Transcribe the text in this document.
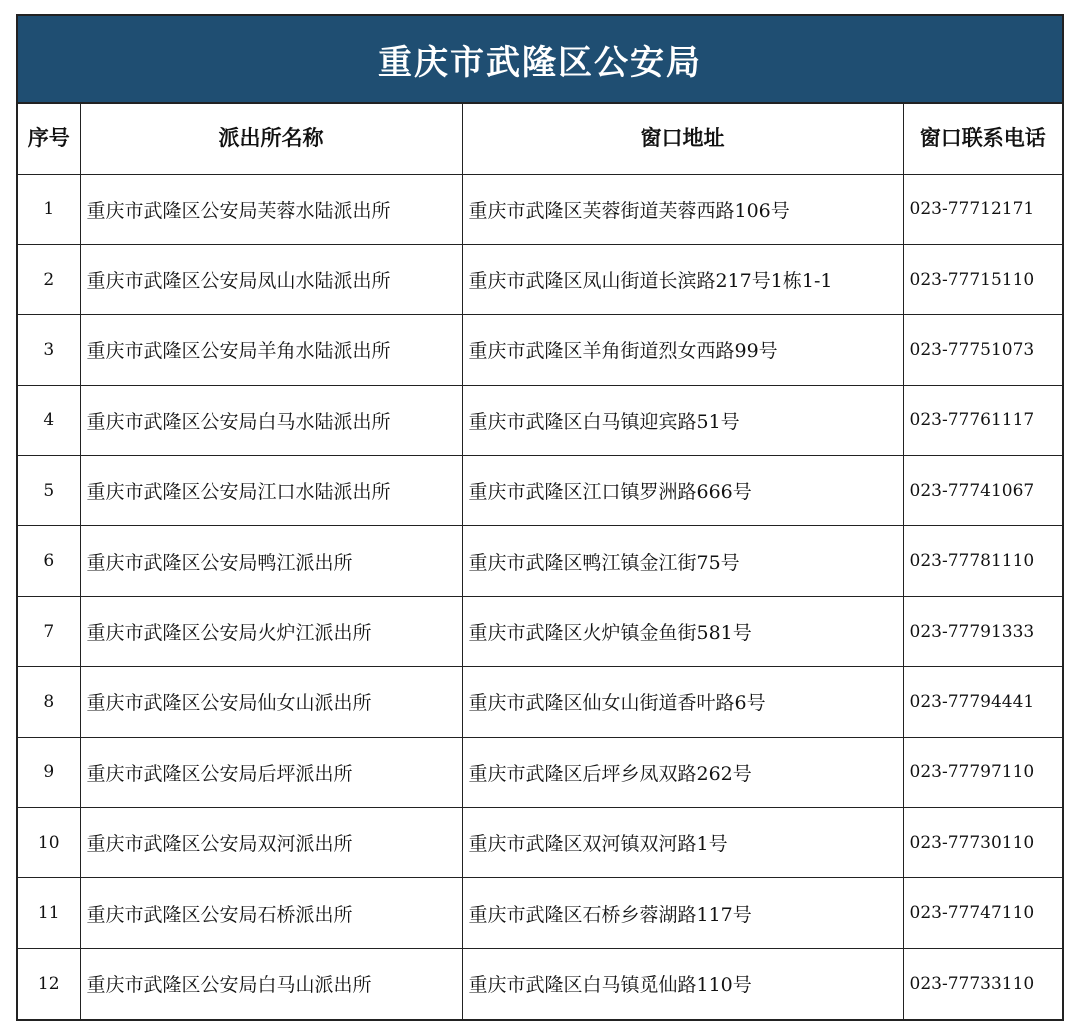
重庆市武隆区公安局
序号	派出所名称	窗口地址	窗口联系电话
1	重庆市武隆区公安局芙蓉水陆派出所	重庆市武隆区芙蓉街道芙蓉西路106号	023-77712171
2	重庆市武隆区公安局凤山水陆派出所	重庆市武隆区凤山街道长滨路217号1栋1-1	023-77715110
3	重庆市武隆区公安局羊角水陆派出所	重庆市武隆区羊角街道烈女西路99号	023-77751073
4	重庆市武隆区公安局白马水陆派出所	重庆市武隆区白马镇迎宾路51号	023-77761117
5	重庆市武隆区公安局江口水陆派出所	重庆市武隆区江口镇罗洲路666号	023-77741067
6	重庆市武隆区公安局鸭江派出所	重庆市武隆区鸭江镇金江街75号	023-77781110
7	重庆市武隆区公安局火炉江派出所	重庆市武隆区火炉镇金鱼街581号	023-77791333
8	重庆市武隆区公安局仙女山派出所	重庆市武隆区仙女山街道香叶路6号	023-77794441
9	重庆市武隆区公安局后坪派出所	重庆市武隆区后坪乡凤双路262号	023-77797110
10	重庆市武隆区公安局双河派出所	重庆市武隆区双河镇双河路1号	023-77730110
11	重庆市武隆区公安局石桥派出所	重庆市武隆区石桥乡蓉湖路117号	023-77747110
12	重庆市武隆区公安局白马山派出所	重庆市武隆区白马镇觅仙路110号	023-77733110
